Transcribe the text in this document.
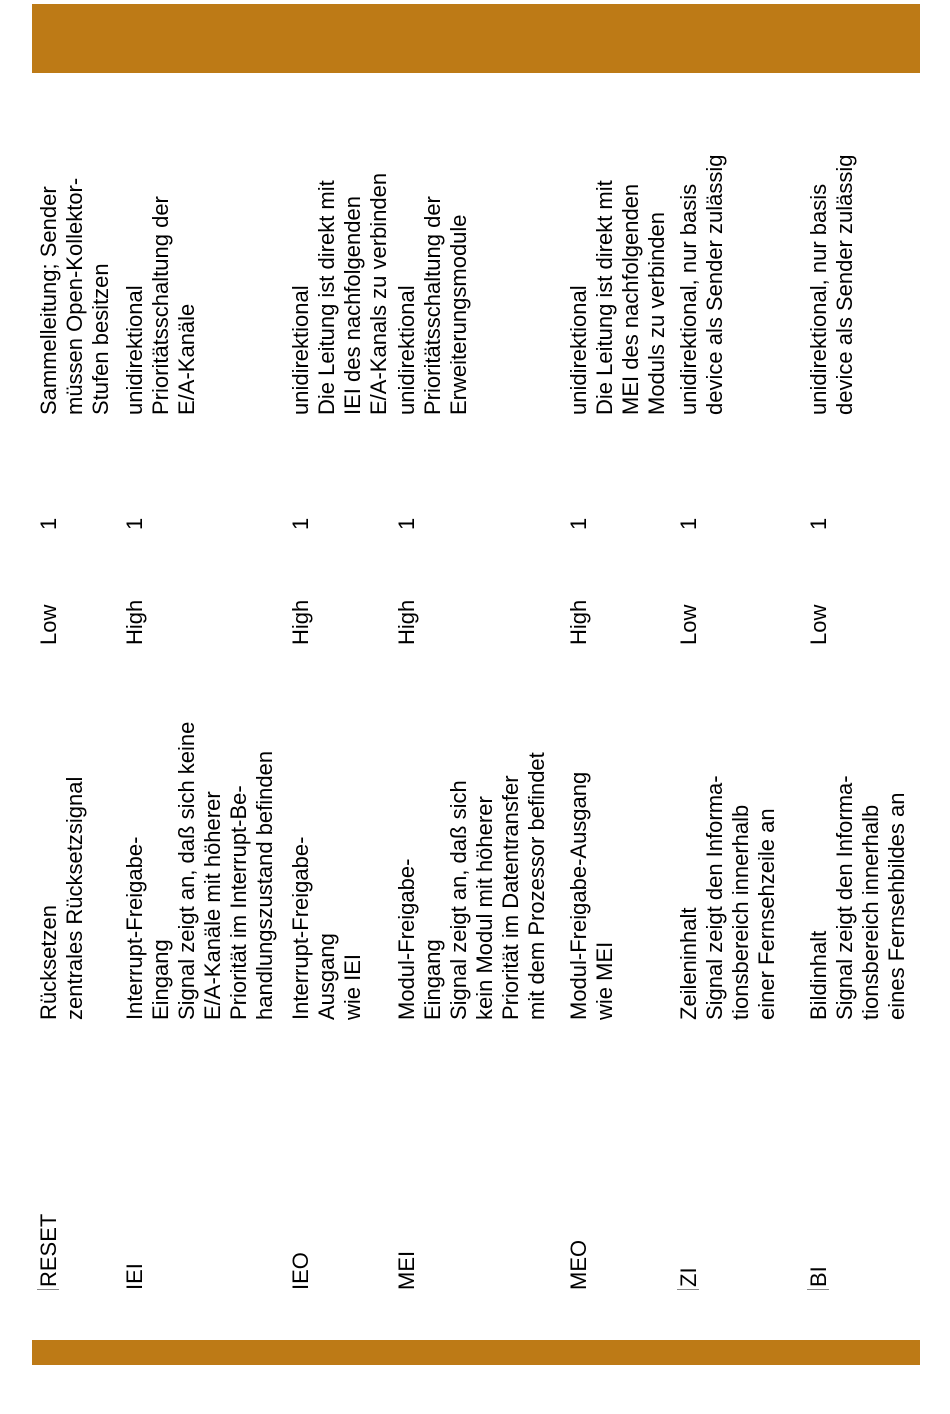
RESET
Rücksetzen zentrales Rücksetzsignal
Low
1
Sammelleitung; Sender müssen Open-Kollektor- Stufen besitzen
IEI
Interrupt-Freigabe- Eingang Signal zeigt an, daß sich keine E/A-Kanäle mit höherer Priorität im Interrupt-Be- handlungszustand befinden
High
1
unidirektional Prioritätsschaltung der E/A-Kanäle
IEO
Interrupt-Freigabe- Ausgang wie IEI
High
1
unidirektional Die Leitung ist direkt mit IEI des nachfolgenden E/A-Kanals zu verbinden
MEI
Modul-Freigabe- Eingang Signal zeigt an, daß sich kein Modul mit höherer Priorität im Datentransfer mit dem Prozessor befindet
High
1
unidirektional Prioritätsschaltung der Erweiterungsmodule
MEO
Modul-Freigabe-Ausgang wie MEI
High
1
unidirektional Die Leitung ist direkt mit MEI des nachfolgenden Moduls zu verbinden
ZI
Zeileninhalt Signal zeigt den Informa- tionsbereich innerhalb einer Fernsehzeile an
Low
1
unidirektional, nur basis device als Sender zulässig
BI
Bildinhalt Signal zeigt den Informa- tionsbereich innerhalb eines Fernsehbildes an
Low
1
unidirektional, nur basis device als Sender zulässig
